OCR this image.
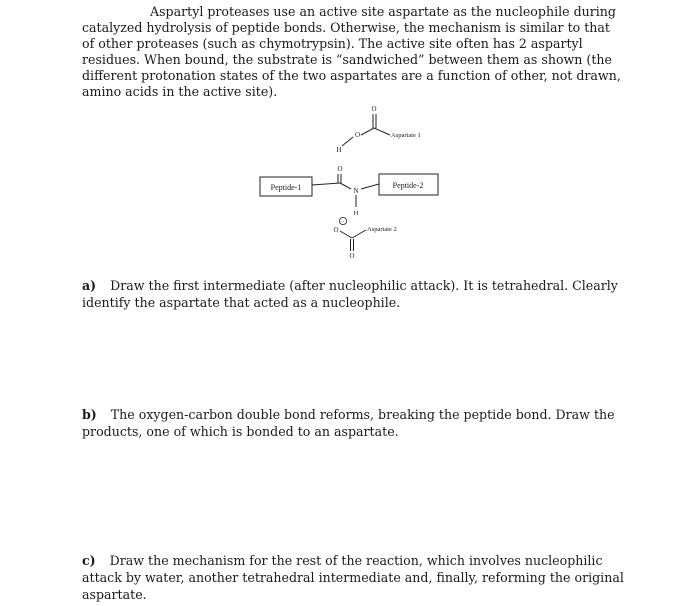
Aspartyl proteases use an active site aspartate as the nucleophile during catalyzed hydrolysis of peptide bonds. Otherwise, the mechanism is similar to that of other proteases (such as chymotrypsin). The active site often has 2 aspartyl residues. When bound, the substrate is “sandwiched” between them as shown (the different protonation states of the two aspartates are a function of other, not drawn, amino acids in the active site).
O
Aspartate 1
O
H
O
N
H
Peptide-1	Peptide-2
−
O	Aspartate 2
O
a) Draw the first intermediate (after nucleophilic attack). It is tetrahedral. Clearly identify the aspartate that acted as a nucleophile.
b) The oxygen-carbon double bond reforms, breaking the peptide bond. Draw the products, one of which is bonded to an aspartate.
c) Draw the mechanism for the rest of the reaction, which involves nucleophilic attack by water, another tetrahedral intermediate and, finally, reforming the original aspartate.
